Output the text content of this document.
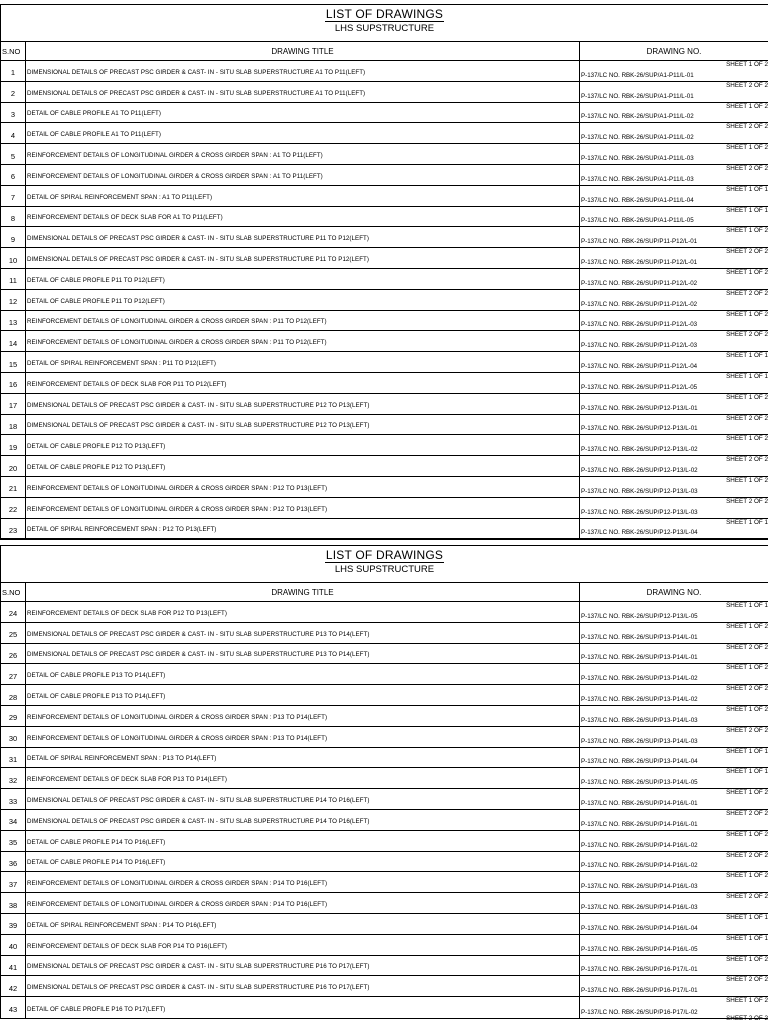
LIST OF DRAWINGS
LHS SUPSTRUCTURE
S.NO	DRAWING TITLE	DRAWING NO.
1	DIMENSIONAL DETAILS OF PRECAST PSC GIRDER & CAST- IN - SITU SLAB SUPERSTRUCTURE A1 TO P11(LEFT)
SHEET 1 OF 2
P-137/LC NO. RBK-26/SUP/A1-P11/L-01
2	DIMENSIONAL DETAILS OF PRECAST PSC GIRDER & CAST- IN - SITU SLAB SUPERSTRUCTURE A1 TO P11(LEFT)
SHEET 2 OF 2
P-137/LC NO. RBK-26/SUP/A1-P11/L-01
3	DETAIL OF CABLE PROFILE A1 TO P11(LEFT)
SHEET 1 OF 2
P-137/LC NO. RBK-26/SUP/A1-P11/L-02
4	DETAIL OF CABLE PROFILE A1 TO P11(LEFT)
SHEET 2 OF 2
P-137/LC NO. RBK-26/SUP/A1-P11/L-02
5	REINFORCEMENT DETAILS OF LONGITUDINAL GIRDER & CROSS GIRDER SPAN : A1 TO P11(LEFT)
SHEET 1 OF 2
P-137/LC NO. RBK-26/SUP/A1-P11/L-03
6	REINFORCEMENT DETAILS OF LONGITUDINAL GIRDER & CROSS GIRDER SPAN : A1 TO P11(LEFT)
SHEET 2 OF 2
P-137/LC NO. RBK-26/SUP/A1-P11/L-03
7	DETAIL OF SPIRAL REINFORCEMENT SPAN : A1 TO P11(LEFT)
SHEET 1 OF 1
P-137/LC NO. RBK-26/SUP/A1-P11/L-04
8	REINFORCEMENT DETAILS OF DECK SLAB FOR A1 TO P11(LEFT)
SHEET 1 OF 1
P-137/LC NO. RBK-26/SUP/A1-P11/L-05
9	DIMENSIONAL DETAILS OF PRECAST PSC GIRDER & CAST- IN - SITU SLAB SUPERSTRUCTURE P11 TO P12(LEFT)
SHEET 1 OF 2
P-137/LC NO. RBK-26/SUP/P11-P12/L-01
10	DIMENSIONAL DETAILS OF PRECAST PSC GIRDER & CAST- IN - SITU SLAB SUPERSTRUCTURE P11 TO P12(LEFT)
SHEET 2 OF 2
P-137/LC NO. RBK-26/SUP/P11-P12/L-01
11	DETAIL OF CABLE PROFILE P11 TO P12(LEFT)
SHEET 1 OF 2
P-137/LC NO. RBK-26/SUP/P11-P12/L-02
12	DETAIL OF CABLE PROFILE P11 TO P12(LEFT)
SHEET 2 OF 2
P-137/LC NO. RBK-26/SUP/P11-P12/L-02
13	REINFORCEMENT DETAILS OF LONGITUDINAL GIRDER & CROSS GIRDER SPAN : P11 TO P12(LEFT)
SHEET 1 OF 2
P-137/LC NO. RBK-26/SUP/P11-P12/L-03
14	REINFORCEMENT DETAILS OF LONGITUDINAL GIRDER & CROSS GIRDER SPAN : P11 TO P12(LEFT)
SHEET 2 OF 2
P-137/LC NO. RBK-26/SUP/P11-P12/L-03
15	DETAIL OF SPIRAL REINFORCEMENT SPAN : P11 TO P12(LEFT)
SHEET 1 OF 1
P-137/LC NO. RBK-26/SUP/P11-P12/L-04
16	REINFORCEMENT DETAILS OF DECK SLAB FOR P11 TO P12(LEFT)
SHEET 1 OF 1
P-137/LC NO. RBK-26/SUP/P11-P12/L-05
17	DIMENSIONAL DETAILS OF PRECAST PSC GIRDER & CAST- IN - SITU SLAB SUPERSTRUCTURE P12 TO P13(LEFT)
SHEET 1 OF 2
P-137/LC NO. RBK-26/SUP/P12-P13/L-01
18	DIMENSIONAL DETAILS OF PRECAST PSC GIRDER & CAST- IN - SITU SLAB SUPERSTRUCTURE P12 TO P13(LEFT)
SHEET 2 OF 2
P-137/LC NO. RBK-26/SUP/P12-P13/L-01
19	DETAIL OF CABLE PROFILE P12 TO P13(LEFT)
SHEET 1 OF 2
P-137/LC NO. RBK-26/SUP/P12-P13/L-02
20	DETAIL OF CABLE PROFILE P12 TO P13(LEFT)
SHEET 2 OF 2
P-137/LC NO. RBK-26/SUP/P12-P13/L-02
21	REINFORCEMENT DETAILS OF LONGITUDINAL GIRDER & CROSS GIRDER SPAN : P12 TO P13(LEFT)
SHEET 1 OF 2
P-137/LC NO. RBK-26/SUP/P12-P13/L-03
22	REINFORCEMENT DETAILS OF LONGITUDINAL GIRDER & CROSS GIRDER SPAN : P12 TO P13(LEFT)
SHEET 2 OF 2
P-137/LC NO. RBK-26/SUP/P12-P13/L-03
23	DETAIL OF SPIRAL REINFORCEMENT SPAN : P12 TO P13(LEFT)
SHEET 1 OF 1
P-137/LC NO. RBK-26/SUP/P12-P13/L-04
LIST OF DRAWINGS
LHS SUPSTRUCTURE
S.NO	DRAWING TITLE	DRAWING NO.
24	REINFORCEMENT DETAILS OF DECK SLAB FOR P12 TO P13(LEFT)
SHEET 1 OF 1
P-137/LC NO. RBK-26/SUP/P12-P13/L-05
25	DIMENSIONAL DETAILS OF PRECAST PSC GIRDER & CAST- IN - SITU SLAB SUPERSTRUCTURE P13 TO P14(LEFT)
SHEET 1 OF 2
P-137/LC NO. RBK-26/SUP/P13-P14/L-01
26	DIMENSIONAL DETAILS OF PRECAST PSC GIRDER & CAST- IN - SITU SLAB SUPERSTRUCTURE P13 TO P14(LEFT)
SHEET 2 OF 2
P-137/LC NO. RBK-26/SUP/P13-P14/L-01
27	DETAIL OF CABLE PROFILE P13 TO P14(LEFT)
SHEET 1 OF 2
P-137/LC NO. RBK-26/SUP/P13-P14/L-02
28	DETAIL OF CABLE PROFILE P13 TO P14(LEFT)
SHEET 2 OF 2
P-137/LC NO. RBK-26/SUP/P13-P14/L-02
29	REINFORCEMENT DETAILS OF LONGITUDINAL GIRDER & CROSS GIRDER SPAN : P13 TO P14(LEFT)
SHEET 1 OF 2
P-137/LC NO. RBK-26/SUP/P13-P14/L-03
30	REINFORCEMENT DETAILS OF LONGITUDINAL GIRDER & CROSS GIRDER SPAN : P13 TO P14(LEFT)
SHEET 2 OF 2
P-137/LC NO. RBK-26/SUP/P13-P14/L-03
31	DETAIL OF SPIRAL REINFORCEMENT SPAN : P13 TO P14(LEFT)
SHEET 1 OF 1
P-137/LC NO. RBK-26/SUP/P13-P14/L-04
32	REINFORCEMENT DETAILS OF DECK SLAB FOR P13 TO P14(LEFT)
SHEET 1 OF 1
P-137/LC NO. RBK-26/SUP/P13-P14/L-05
33	DIMENSIONAL DETAILS OF PRECAST PSC GIRDER & CAST- IN - SITU SLAB SUPERSTRUCTURE P14 TO P16(LEFT)
SHEET 1 OF 2
P-137/LC NO. RBK-26/SUP/P14-P16/L-01
34	DIMENSIONAL DETAILS OF PRECAST PSC GIRDER & CAST- IN - SITU SLAB SUPERSTRUCTURE P14 TO P16(LEFT)
SHEET 2 OF 2
P-137/LC NO. RBK-26/SUP/P14-P16/L-01
35	DETAIL OF CABLE PROFILE P14 TO P16(LEFT)
SHEET 1 OF 2
P-137/LC NO. RBK-26/SUP/P14-P16/L-02
36	DETAIL OF CABLE PROFILE P14 TO P16(LEFT)
SHEET 2 OF 2
P-137/LC NO. RBK-26/SUP/P14-P16/L-02
37	REINFORCEMENT DETAILS OF LONGITUDINAL GIRDER & CROSS GIRDER SPAN : P14 TO P16(LEFT)
SHEET 1 OF 2
P-137/LC NO. RBK-26/SUP/P14-P16/L-03
38	REINFORCEMENT DETAILS OF LONGITUDINAL GIRDER & CROSS GIRDER SPAN : P14 TO P16(LEFT)
SHEET 2 OF 2
P-137/LC NO. RBK-26/SUP/P14-P16/L-03
39	DETAIL OF SPIRAL REINFORCEMENT SPAN : P14 TO P16(LEFT)
SHEET 1 OF 1
P-137/LC NO. RBK-26/SUP/P14-P16/L-04
40	REINFORCEMENT DETAILS OF DECK SLAB FOR P14 TO P16(LEFT)
SHEET 1 OF 1
P-137/LC NO. RBK-26/SUP/P14-P16/L-05
41	DIMENSIONAL DETAILS OF PRECAST PSC GIRDER & CAST- IN - SITU SLAB SUPERSTRUCTURE P16 TO P17(LEFT)
SHEET 1 OF 2
P-137/LC NO. RBK-26/SUP/P16-P17/L-01
42	DIMENSIONAL DETAILS OF PRECAST PSC GIRDER & CAST- IN - SITU SLAB SUPERSTRUCTURE P16 TO P17(LEFT)
SHEET 2 OF 2
P-137/LC NO. RBK-26/SUP/P16-P17/L-01
43	DETAIL OF CABLE PROFILE P16 TO P17(LEFT)
SHEET 1 OF 2
P-137/LC NO. RBK-26/SUP/P16-P17/L-02
SHEET 2 OF 2
